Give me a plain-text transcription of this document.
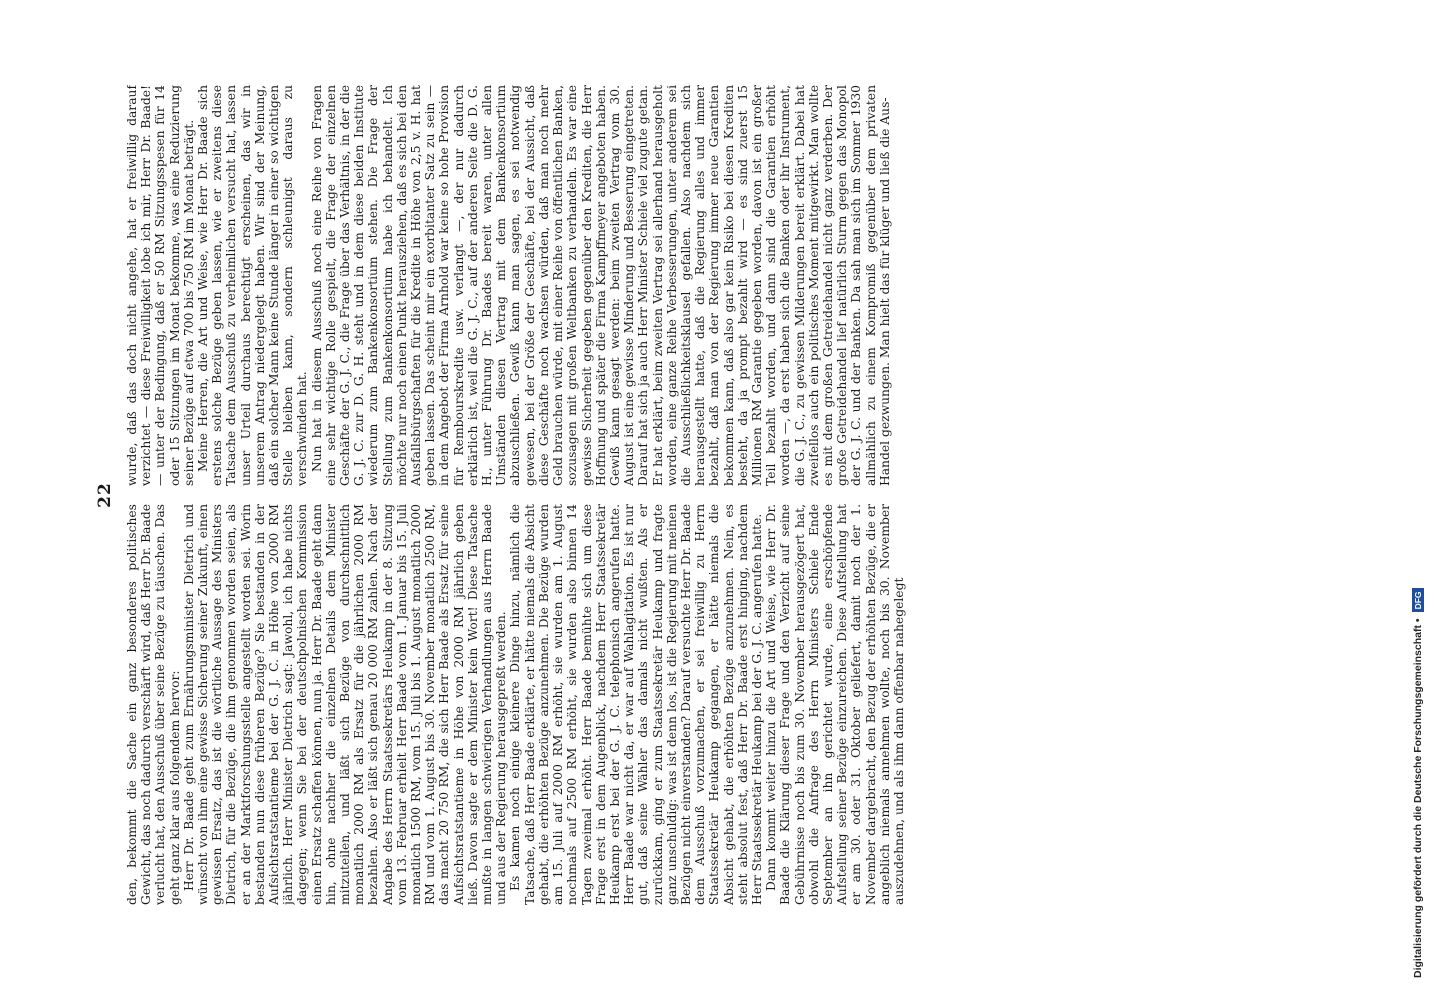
22

den, bekommt die Sache ein ganz besonderes politisches Gewicht, das noch dadurch verschärft wird, daß Herr Dr. Baade verlucht hat, den Ausschuß über seine Bezüge zu täuschen. Das geht ganz klar aus folgendem hervor: Herr Dr. Baade geht zum Ernährungsminister Dietrich und wünscht von ihm eine gewisse Sicherung seiner Zukunft, einen gewissen Ersatz, das ist die wörtliche Aussage des Ministers Dietrich, für die Bezüge, die ihm genommen worden seien, als er an der Marktforschungsstelle angestellt worden sei. Worin bestanden nun diese früheren Bezüge? Sie bestanden in der Aufsichtsratstantieme bei der G. J. C. in Höhe von 2000 RM jährlich. Herr Minister Dietrich sagt: Jawohl, ich habe nichts dagegen; wenn Sie bei der deutschpolnischen Kommission einen Ersatz schaffen können, nun ja. Herr Dr. Baade geht dann hin, ohne nachher die einzelnen Details dem Minister mitzuteilen, und läßt sich Bezüge von durchschnittlich monatlich 2000 RM als Ersatz für die jährlichen 2000 RM bezahlen. Also er läßt sich genau 20 000 RM zahlen. Nach der Angabe des Herrn Staatssekretärs Heukamp in der 8. Sitzung vom 13. Februar erhielt Herr Baade vom 1. Januar bis 15. Juli monatlich 1500 RM, vom 15. Juli bis 1. August monatlich 2000 RM und vom 1. August bis 30. November monatlich 2500 RM, das macht 20 750 RM, die sich Herr Baade als Ersatz für seine Aufsichtsratstantieme in Höhe von 2000 RM jährlich geben ließ. Davon sagte er dem Minister kein Wort! Diese Tatsache mußte in langen schwierigen Verhandlungen aus Herrn Baade und aus der Regierung herausgepreßt werden. Es kamen noch einige kleinere Dinge hinzu, nämlich die Tatsache, daß Herr Baade erklärte, er hätte niemals die Absicht gehabt, die erhöhten Bezüge anzunehmen. Die Bezüge wurden am 15. Juli auf 2000 RM erhöht, sie wurden am 1. August nochmals auf 2500 RM erhöht, sie wurden also binnen 14 Tagen zweimal erhöht. Herr Baade bemühte sich um diese Frage erst in dem Augenblick, nachdem Herr Staatssekretär Heukamp erst bei der G. J. C. telephonisch angerufen hatte. Herr Baade war nicht da, er war auf Wahlagitation. Es ist nur gut, daß seine Wähler das damals nicht wußten. Als er zurückkam, ging er zum Staatssekretär Heukamp und fragte ganz unschuldig: was ist denn los, ist die Regierung mit meinen Bezügen nicht einverstanden? Darauf versuchte Herr Dr. Baade dem Ausschuß vorzumachen, er sei freiwillig zu Herrn Staatssekretär Heukamp gegangen, er hätte niemals die Absicht gehabt, die erhöhten Bezüge anzunehmen. Nein, es steht absolut fest, daß Herr Dr. Baade erst hinging, nachdem Herr Staatssekretär Heukamp bei der G. J. C. angerufen hatte. Dann kommt weiter hinzu die Art und Weise, wie Herr Dr. Baade die Klärung dieser Frage und den Verzicht auf seine Gebührnisse noch bis zum 30. November herausgezögert hat, obwohl die Anfrage des Herrn Ministers Schiele Ende September an ihn gerichtet wurde, eine erschöpfende Aufstellung seiner Bezüge einzureichen. Diese Aufstellung hat er am 30. oder 31. Oktober geliefert, damit noch der 1. November dargebracht, den Bezug der erhöhten Bezüge, die er angeblich niemals annehmen wollte, noch bis 30. November auszudehnen, und als ihm dann offenbar nahegelegt

wurde, daß das doch nicht angehe, hat er freiwillig darauf verzichtet — diese Freiwilligkeit lobe ich mir, Herr Dr. Baade! — unter der Bedingung, daß er 50 RM Sitzungsspesen für 14 oder 15 Sitzungen im Monat bekomme, was eine Reduzierung seiner Bezüge auf etwa 700 bis 750 RM im Monat beträgt. Meine Herren, die Art und Weise, wie Herr Dr. Baade sich erstens solche Bezüge geben lassen, wie er zweitens diese Tatsache dem Ausschuß zu verheimlichen versucht hat, lassen unser Urteil durchaus berechtigt erscheinen, das wir in unserem Antrag niedergelegt haben. Wir sind der Meinung, daß ein solcher Mann keine Stunde länger in einer so wichtigen Stelle bleiben kann, sondern schleunigst daraus zu verschwinden hat. Nun hat in diesem Ausschuß noch eine Reihe von Fragen eine sehr wichtige Rolle gespielt, die Frage der einzelnen Geschäfte der G. J. C., die Frage über das Verhältnis, in der die G. J. C. zur D. G. H. steht und in dem diese beiden Institute wiederum zum Bankenkonsortium stehen. Die Frage der Stellung zum Bankenkonsortium habe ich behandelt. Ich möchte nur noch einen Punkt herausziehen, daß es sich bei den Ausfallsbürgschaften für die Kredite in Höhe von 2,5 v. H. hat geben lassen. Das scheint mir ein exorbitanter Satz zu sein — in dem Angebot der Firma Arnhold war keine so hohe Provision für Rembourskredite usw. verlangt —, der nur dadurch erklärlich ist, weil die G. J. C., auf der anderen Seite die D. G. H., unter Führung Dr. Baades bereit waren, unter allen Umständen diesen Vertrag mit dem Bankenkonsortium abzuschließen. Gewiß kann man sagen, es sei notwendig gewesen, bei der Größe der Geschäfte, bei der Aussicht, daß diese Geschäfte noch wachsen würden, daß man noch mehr Geld brauchen würde, mit einer Reihe von öffentlichen Banken, sozusagen mit großen Weltbanken zu verhandeln. Es war eine gewisse Sicherheit gegeben gegenüber den Krediten, die Herr Hoffnung und später die Firma Kampffmeyer angeboten haben. Gewiß kann gesagt werden: beim zweiten Vertrag vom 30. August ist eine gewisse Minderung und Besserung eingetreten. Darauf hat sich ja auch Herr Minister Schiele viel zugute getan. Er hat erklärt, beim zweiten Vertrag sei allerhand herausgeholt worden, eine ganze Reihe Verbesserungen, unter anderem sei die Ausschließlichkeitsklausel gefallen. Also nachdem sich herausgestellt hatte, daß die Regierung alles und immer bezahlt, daß man von der Regierung immer neue Garantien bekommen kann, daß also gar kein Risiko bei diesen Krediten besteht, da ja prompt bezahlt wird — es sind zuerst 15 Millionen RM Garantie gegeben worden, davon ist ein großer Teil bezahlt worden, und dann sind die Garantien erhöht worden —, da erst haben sich die Banken oder ihr Instrument, die G. J. C., zu gewissen Milderungen bereit erklärt. Dabei hat zweifellos auch ein politisches Moment mitgewirkt. Man wollte es mit dem großen Getreidehandel nicht ganz verderben. Der große Getreidehandel lief natürlich Sturm gegen das Monopol der G. J. C. und der Banken. Da sah man sich im Sommer 1930 allmählich zu einem Kompromiß gegenüber dem privaten Handel gezwungen. Man hielt das für klüger und ließ die Aus-

Digitalisierung gefördert durch die Deutsche Forschungsgemeinschaft •
DFG
